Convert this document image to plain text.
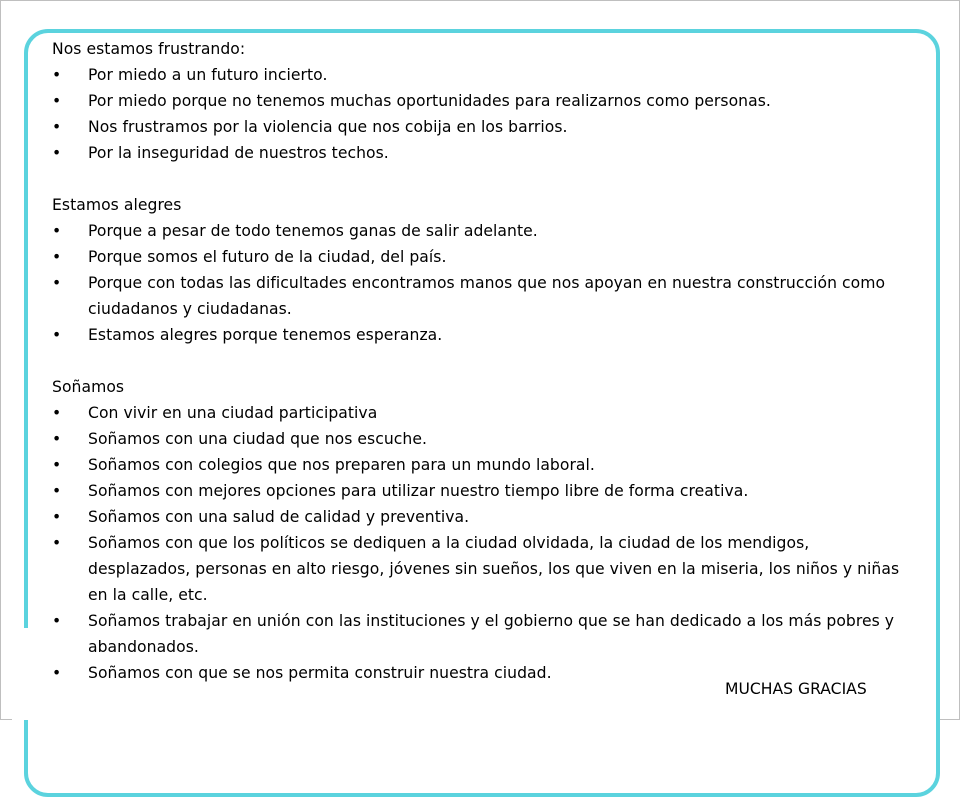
Nos estamos frustrando:

• Por miedo a un futuro incierto.
• Por miedo porque no tenemos muchas oportunidades para realizarnos como personas.
• Nos frustramos por la violencia que nos cobija en los barrios.
• Por la inseguridad de nuestros techos.

Estamos alegres

• Porque a pesar de todo tenemos ganas de salir adelante.
• Porque somos el futuro de la ciudad, del país.
• Porque con todas las dificultades encontramos manos que nos apoyan en nuestra construcción como ciudadanos y ciudadanas.
• Estamos alegres porque tenemos esperanza.

Soñamos

• Con vivir en una ciudad participativa
• Soñamos con una ciudad que nos escuche.
• Soñamos con colegios que nos preparen para un mundo laboral.
• Soñamos con mejores opciones para utilizar nuestro tiempo libre de forma creativa.
• Soñamos con una salud de calidad y preventiva.
• Soñamos con que los políticos se dediquen a la ciudad olvidada, la ciudad de los mendigos, desplazados, personas en alto riesgo, jóvenes sin sueños, los que viven en la miseria, los niños y niñas en la calle, etc.
• Soñamos trabajar en unión con las instituciones y el gobierno que se han dedicado a los más pobres y abandonados.
• Soñamos con que se nos permita construir nuestra ciudad.
MUCHAS GRACIAS
